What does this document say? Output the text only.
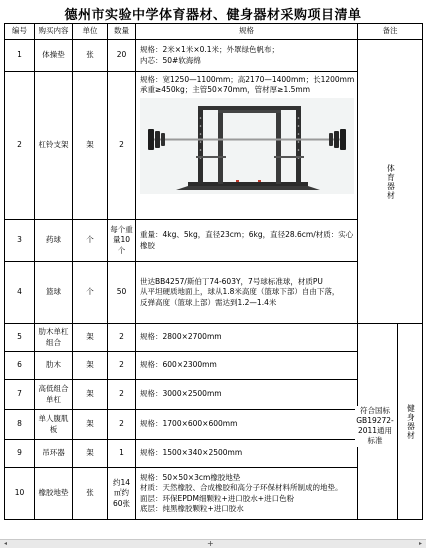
德州市实验中学体育器材、健身器材采购项目清单
编号	购买内容	单位	数量	规格	备注	
1	体操垫	张	20	规格：2米×1米×0.1米；外罩绿色帆布；
内芯：50#软海绵	体育器材	

2	杠铃支架	架	2	规格：宽1250—1100mm；高2170—1400mm；长1200mm
承重≥450kg；主管50×70mm，管材厚≥1.5mm		

3	药球	个	每个重量10个	重量：4kg、5kg，直径23cm；6kg，直径28.6cm/材质：实心橡胶		

4	篮球	个	50	世达BB4257/斯伯丁74-603Y，7号球标准球，材质PU
从平坦硬质地面上，球从1.8米高度（篮球下部）自由下落，
反弹高度（篮球上部）需达到1.2—1.4米		

5	肋木单杠组合	架	2	规格：2800×2700mm		健身器材

6	肋木	架	2	规格：600×2300mm		
7	高低组合单杠	架	2	规格：3000×2500mm		
8	单人腹肌板	架	2	规格：1700×600×600mm		
9	吊环器	架	1	规格：1500×340×2500mm		
10	橡胶地垫	张	约14㎡约60张	规格：50×50×3cm橡胶地垫
材质：天然橡胶、合成橡胶和高分子环保材料所制成的地垫。
面层：环保EPDM细颗粒+进口胶水+进口色粉
底层：纯黑橡胶颗粒+进口胶水		
符合国标GB19272-2011通用标准
◂	+	▸
